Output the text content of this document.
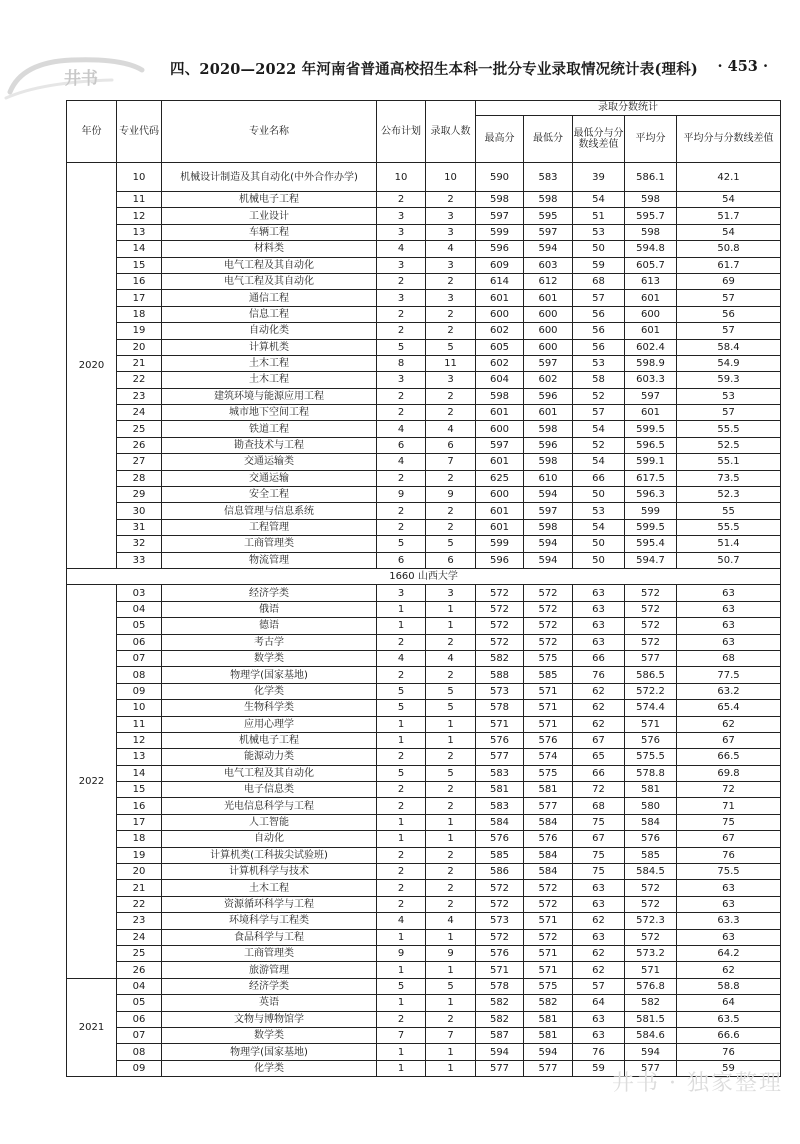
井书	四、2020—2022 年河南省普通高校招生本科一批分专业录取情况统计表(理科) · 453 ·
年份	专业代码	专业名称	公布计划	录取人数	录取分数统计				
					最高分	最低分	最低分与分数线差值	平均分	平均分与分数线差值
2020	10	机械设计制造及其自动化(中外合作办学)	10	10	590	583	39	586.1	42.1
	11	机械电子工程	2	2	598	598	54	598	54
	12	工业设计	3	3	597	595	51	595.7	51.7
	13	车辆工程	3	3	599	597	53	598	54
	14	材料类	4	4	596	594	50	594.8	50.8
	15	电气工程及其自动化	3	3	609	603	59	605.7	61.7
	16	电气工程及其自动化	2	2	614	612	68	613	69
	17	通信工程	3	3	601	601	57	601	57
	18	信息工程	2	2	600	600	56	600	56
	19	自动化类	2	2	602	600	56	601	57
	20	计算机类	5	5	605	600	56	602.4	58.4
	21	土木工程	8	11	602	597	53	598.9	54.9
	22	土木工程	3	3	604	602	58	603.3	59.3
	23	建筑环境与能源应用工程	2	2	598	596	52	597	53
	24	城市地下空间工程	2	2	601	601	57	601	57
	25	铁道工程	4	4	600	598	54	599.5	55.5
	26	勘查技术与工程	6	6	597	596	52	596.5	52.5
	27	交通运输类	4	7	601	598	54	599.1	55.1
	28	交通运输	2	2	625	610	66	617.5	73.5
	29	安全工程	9	9	600	594	50	596.3	52.3
	30	信息管理与信息系统	2	2	601	597	53	599	55
	31	工程管理	2	2	601	598	54	599.5	55.5
	32	工商管理类	5	5	599	594	50	595.4	51.4
	33	物流管理	6	6	596	594	50	594.7	50.7
1660 山西大学									
2022	03	经济学类	3	3	572	572	63	572	63
	04	俄语	1	1	572	572	63	572	63
	05	德语	1	1	572	572	63	572	63
	06	考古学	2	2	572	572	63	572	63
	07	数学类	4	4	582	575	66	577	68
	08	物理学(国家基地)	2	2	588	585	76	586.5	77.5
	09	化学类	5	5	573	571	62	572.2	63.2
	10	生物科学类	5	5	578	571	62	574.4	65.4
	11	应用心理学	1	1	571	571	62	571	62
	12	机械电子工程	1	1	576	576	67	576	67
	13	能源动力类	2	2	577	574	65	575.5	66.5
	14	电气工程及其自动化	5	5	583	575	66	578.8	69.8
	15	电子信息类	2	2	581	581	72	581	72
	16	光电信息科学与工程	2	2	583	577	68	580	71
	17	人工智能	1	1	584	584	75	584	75
	18	自动化	1	1	576	576	67	576	67
	19	计算机类(工科拔尖试验班)	2	2	585	584	75	585	76
	20	计算机科学与技术	2	2	586	584	75	584.5	75.5
	21	土木工程	2	2	572	572	63	572	63
	22	资源循环科学与工程	2	2	572	572	63	572	63
	23	环境科学与工程类	4	4	573	571	62	572.3	63.3
	24	食品科学与工程	1	1	572	572	63	572	63
	25	工商管理类	9	9	576	571	62	573.2	64.2
	26	旅游管理	1	1	571	571	62	571	62
2021	04	经济学类	5	5	578	575	57	576.8	58.8
	05	英语	1	1	582	582	64	582	64
	06	文物与博物馆学	2	2	582	581	63	581.5	63.5
	07	数学类	7	7	587	581	63	584.6	66.6
	08	物理学(国家基地)	1	1	594	594	76	594	76
	09	化学类	1	1	577	577	59	577	59
井书 · 独家整理
